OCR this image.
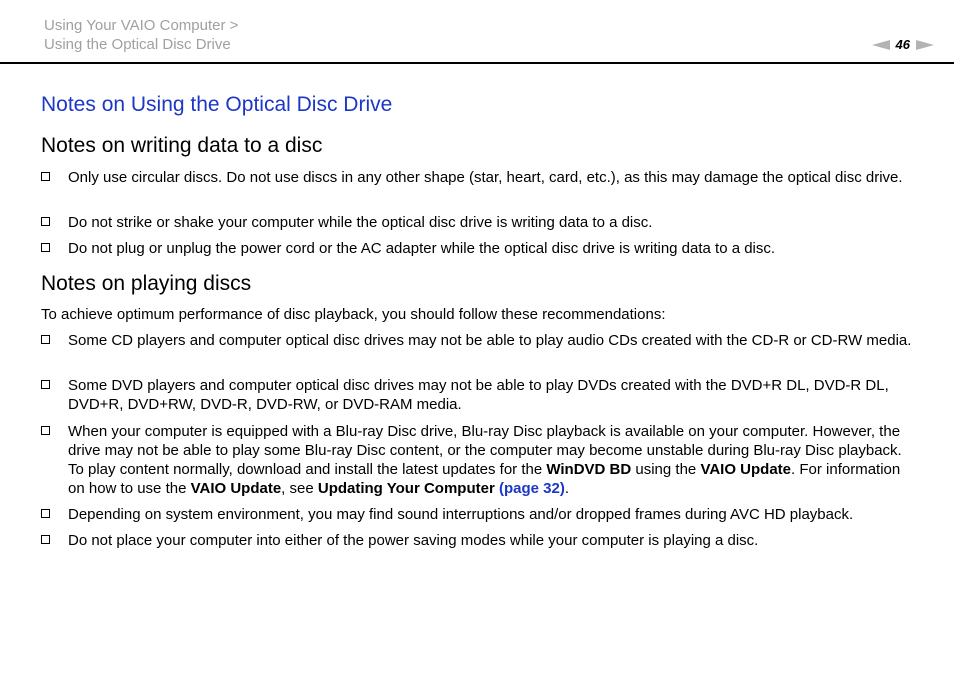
Using Your VAIO Computer >
Using the Optical Disc Drive	46
Notes on Using the Optical Disc Drive
Notes on writing data to a disc
Only use circular discs. Do not use discs in any other shape (star, heart, card, etc.), as this may damage the optical disc drive.
Do not strike or shake your computer while the optical disc drive is writing data to a disc.
Do not plug or unplug the power cord or the AC adapter while the optical disc drive is writing data to a disc.
Notes on playing discs
To achieve optimum performance of disc playback, you should follow these recommendations:
Some CD players and computer optical disc drives may not be able to play audio CDs created with the CD-R or CD-RW media.
Some DVD players and computer optical disc drives may not be able to play DVDs created with the DVD+R DL, DVD-R DL, DVD+R, DVD+RW, DVD-R, DVD-RW, or DVD-RAM media.
When your computer is equipped with a Blu-ray Disc drive, Blu-ray Disc playback is available on your computer. However, the drive may not be able to play some Blu-ray Disc content, or the computer may become unstable during Blu-ray Disc playback. To play content normally, download and install the latest updates for the WinDVD BD using the VAIO Update. For information on how to use the VAIO Update, see Updating Your Computer (page 32).
Depending on system environment, you may find sound interruptions and/or dropped frames during AVC HD playback.
Do not place your computer into either of the power saving modes while your computer is playing a disc.
